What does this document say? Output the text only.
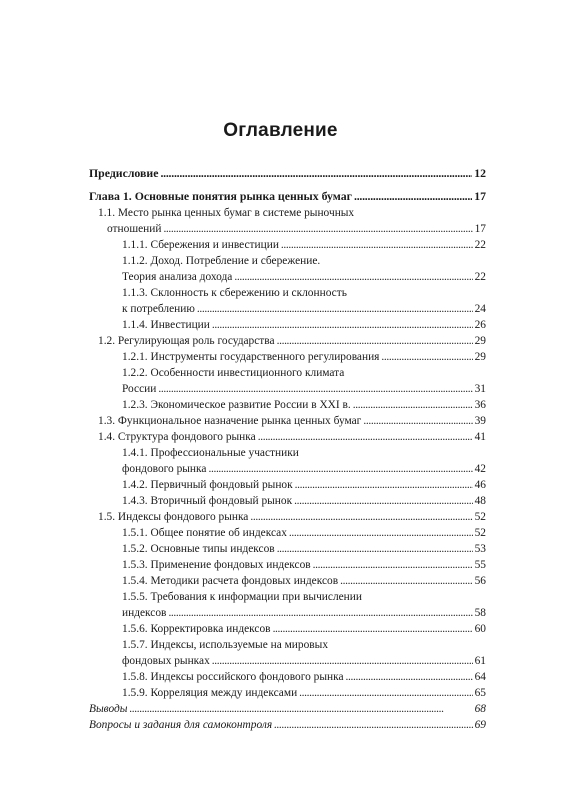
Оглавление
Предисловие . . .	12
Глава 1. Основные понятия рынка ценных бумаг . . .	17
1.1. Место рынка ценных бумаг в системе рыночных
отношений . . .	17
1.1.1. Сбережения и инвестиции . . .	22
1.1.2. Доход. Потребление и сбережение.
Теория анализа дохода . . .	22
1.1.3. Склонность к сбережению и склонность
к потреблению . . .	24
1.1.4. Инвестиции . . .	26
1.2. Регулирующая роль государства . . .	29
1.2.1. Инструменты государственного регулирования . . .	29
1.2.2. Особенности инвестиционного климата
России . . .	31
1.2.3. Экономическое развитие России в XXI в. . . .	36
1.3. Функциональное назначение рынка ценных бумаг . . .	39
1.4. Структура фондового рынка . . .	41
1.4.1. Профессиональные участники
фондового рынка . . .	42
1.4.2. Первичный фондовый рынок . . .	46
1.4.3. Вторичный фондовый рынок . . .	48
1.5. Индексы фондового рынка . . .	52
1.5.1. Общее понятие об индексах . . .	52
1.5.2. Основные типы индексов . . .	53
1.5.3. Применение фондовых индексов . . .	55
1.5.4. Методики расчета фондовых индексов . . .	56
1.5.5. Требования к информации при вычислении
индексов . . .	58
1.5.6. Корректировка индексов . . .	60
1.5.7. Индексы, используемые на мировых
фондовых рынках . . .	61
1.5.8. Индексы российского фондового рынка . . .	64
1.5.9. Корреляция между индексами . . .	65
Выводы . . .	68
Вопросы и задания для самоконтроля . . .	69
